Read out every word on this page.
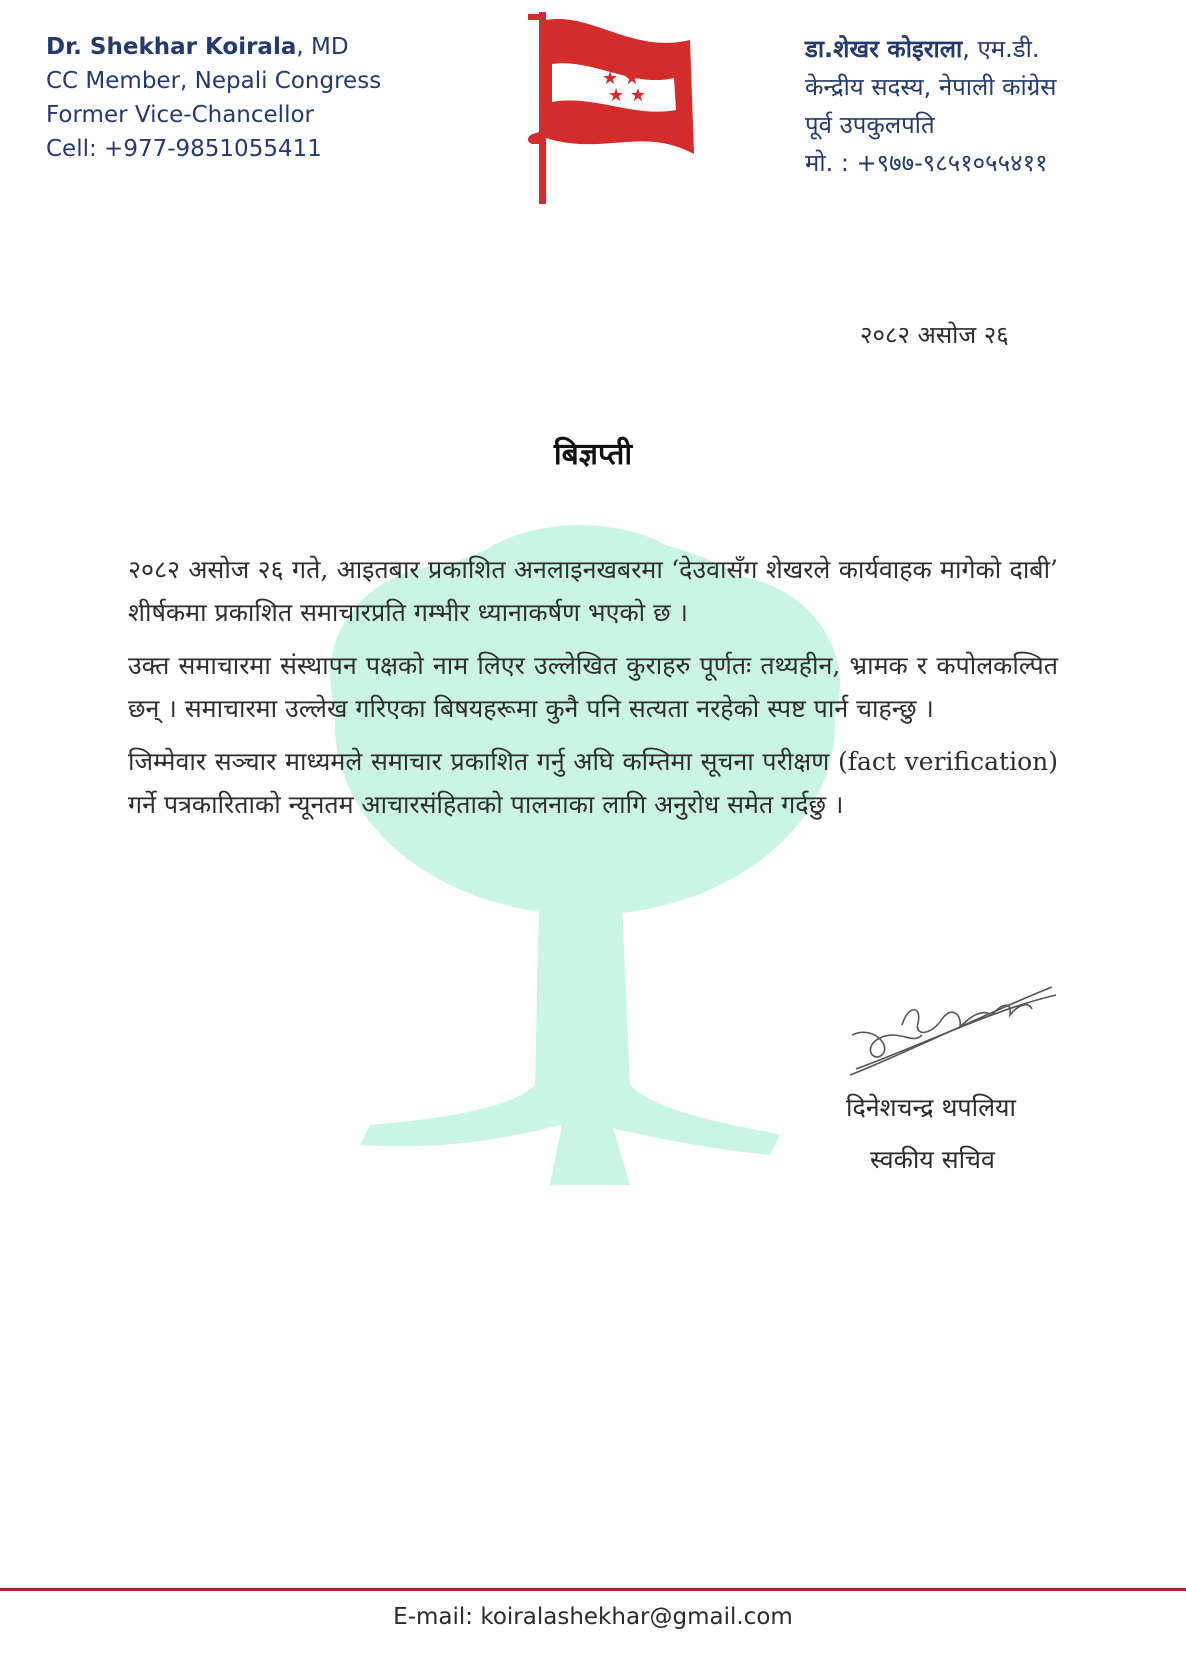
Dr. Shekhar Koirala, MD
CC Member, Nepali Congress
Former Vice-Chancellor
Cell: +977-9851055411
★ ★
★ ★
डा.शेखर कोइराला, एम.डी.
केन्द्रीय सदस्य, नेपाली कांग्रेस
पूर्व उपकुलपति
मो. : +९७७-९८५१०५५४११
२०८२ असोज २६
बिज्ञप्ती

२०८२ असोज २६ गते, आइतबार प्रकाशित अनलाइनखबरमा ‘देउवासँग शेखरले कार्यवाहक मागेको दाबी’ शीर्षकमा प्रकाशित समाचारप्रति गम्भीर ध्यानाकर्षण भएको छ ।

उक्त समाचारमा संस्थापन पक्षको नाम लिएर उल्लेखित कुराहरु पूर्णतः तथ्यहीन, भ्रामक र कपोलकल्पित छन् । समाचारमा उल्लेख गरिएका बिषयहरूमा कुनै पनि सत्यता नरहेको स्पष्ट पार्न चाहन्छु ।

जिम्मेवार सञ्चार माध्यमले समाचार प्रकाशित गर्नु अघि कम्तिमा सूचना परीक्षण (fact verification) गर्ने पत्रकारिताको न्यूनतम आचारसंहिताको पालनाका लागि अनुरोध समेत गर्दछु ।

दिनेशचन्द्र थपलिया
स्वकीय सचिव
E-mail: koiralashekhar@gmail.com
